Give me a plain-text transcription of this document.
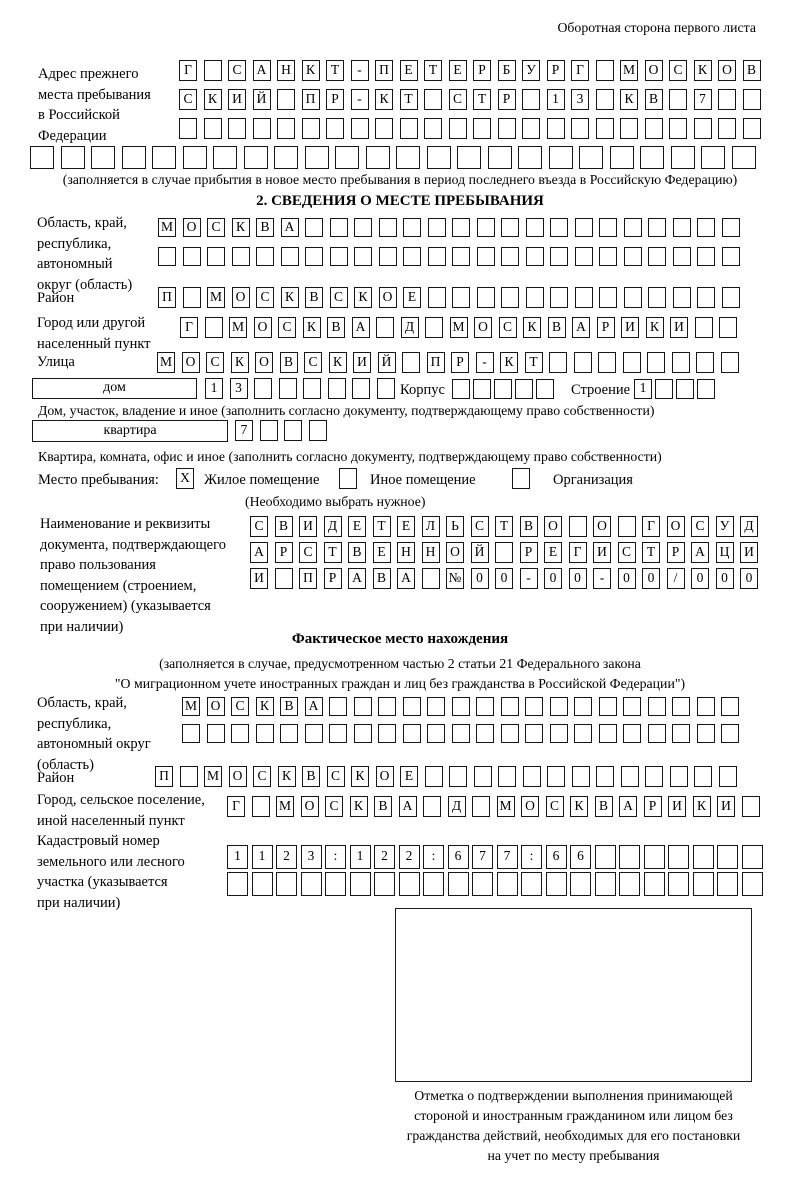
Оборотная сторона первого листа
Адрес прежнего
места пребывания
в Российской
Федерации
Г	С А Н К Т - П Е Т Е Р Б У Р Г	М О С К О В
С К И Й	П Р - К Т	С Т Р	1 3	К В	7
(заполняется в случае прибытия в новое место пребывания в период последнего въезда в Российскую Федерацию)
2. СВЕДЕНИЯ О МЕСТЕ ПРЕБЫВАНИЯ
Область, край,
республика,
автономный
округ (область)
М О С К В А
Район	П	М О С К В С К О Е
Город или другой
населенный пункт
Г	М О С К В А	Д	М О С К В А Р И К И
Улица	М О С К О В С К И Й	П Р - К Т
дом	1 3	Корпус	Строение 1
Дом, участок, владение и иное (заполнить согласно документу, подтверждающему право собственности)
квартира	7
Квартира, комната, офис и иное (заполнить согласно документу, подтверждающему право собственности)
Место пребывания:	X Жилое помещение	Иное помещение	Организация
(Необходимо выбрать нужное)
Наименование и реквизиты
документа, подтверждающего
право пользования
помещением (строением,
сооружением) (указывается
при наличии)
С В И Д Е Т Е Л Ь С Т В О	О	Г О С У Д
А Р С Т В Е Н Н О Й	Р Е Г И С Т Р А Ц И
И	П Р А В А	№ 0 0 - 0 0 - 0 0 / 0 0 0
Фактическое место нахождения
(заполняется в случае, предусмотренном частью 2 статьи 21 Федерального закона
"О миграционном учете иностранных граждан и лиц без гражданства в Российской Федерации")
Область, край,
республика,
автономный округ
(область)
М О С К В А
Район	П	М О С К В С К О Е
Город, сельское поселение,
иной населенный пункт
Г	М О С К В А	Д	М О С К В А Р И К И
Кадастровый номер
земельного или лесного
участка (указывается
при наличии)
1 1 2 3 : 1 2 2 : 6 7 7 : 6 6
Отметка о подтверждении выполнения принимающей
стороной и иностранным гражданином или лицом без
гражданства действий, необходимых для его постановки
на учет по месту пребывания
